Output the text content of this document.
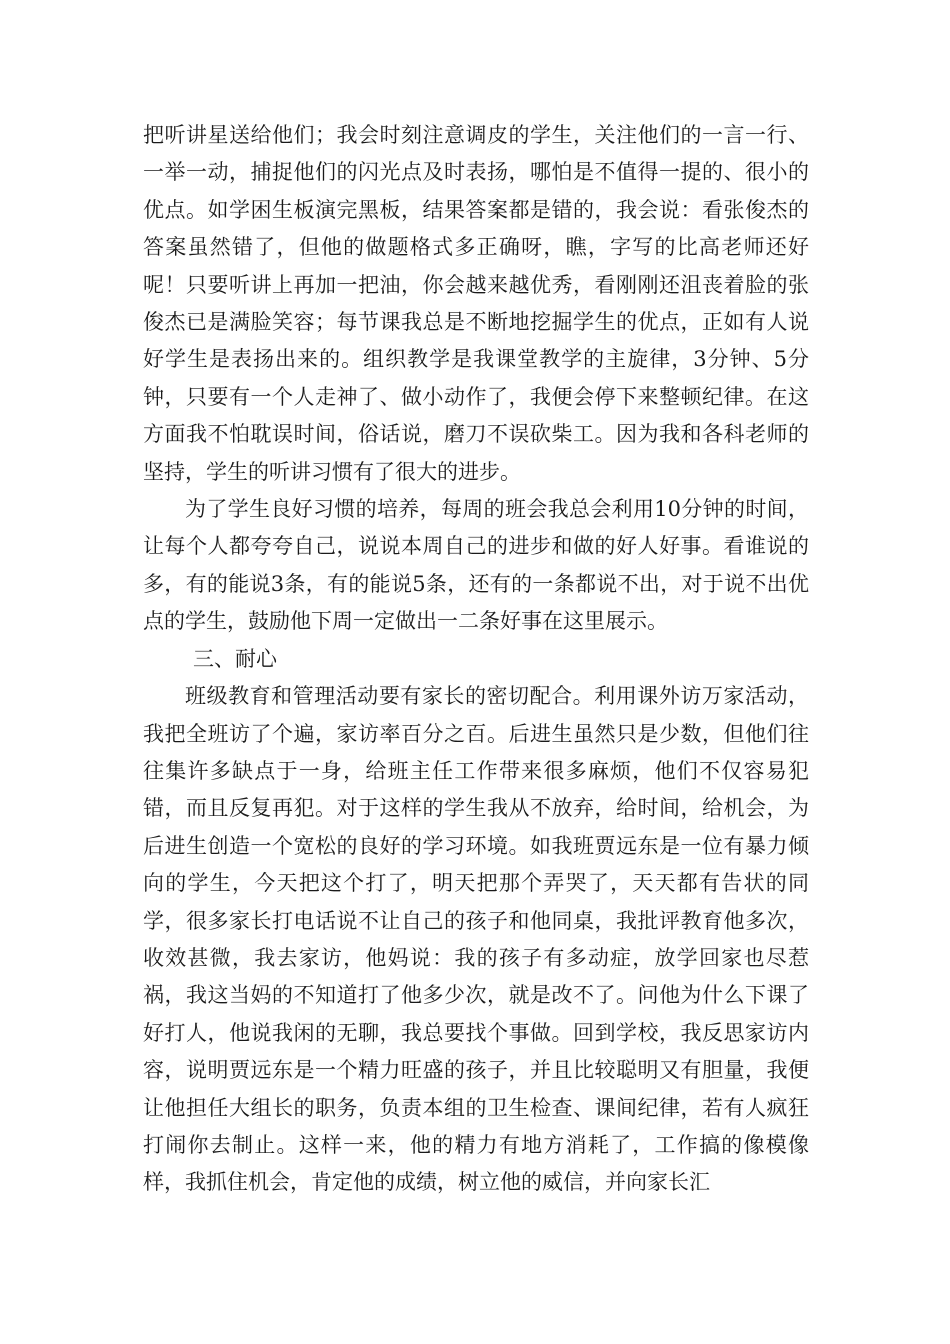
把听讲星送给他们；我会时刻注意调皮的学生，关注他们的一言一行、一举一动，捕捉他们的闪光点及时表扬，哪怕是不值得一提的、很小的优点。如学困生板演完黑板，结果答案都是错的，我会说：看张俊杰的答案虽然错了，但他的做题格式多正确呀，瞧，字写的比高老师还好呢！只要听讲上再加一把油，你会越来越优秀，看刚刚还沮丧着脸的张俊杰已是满脸笑容；每节课我总是不断地挖掘学生的优点，正如有人说好学生是表扬出来的。组织教学是我课堂教学的主旋律，3分钟、5分钟，只要有一个人走神了、做小动作了，我便会停下来整顿纪律。在这方面我不怕耽误时间，俗话说，磨刀不误砍柴工。因为我和各科老师的坚持，学生的听讲习惯有了很大的进步。

为了学生良好习惯的培养，每周的班会我总会利用10分钟的时间，让每个人都夸夸自己，说说本周自己的进步和做的好人好事。看谁说的多，有的能说3条，有的能说5条，还有的一条都说不出，对于说不出优点的学生，鼓励他下周一定做出一二条好事在这里展示。

三、耐心

班级教育和管理活动要有家长的密切配合。利用课外访万家活动，我把全班访了个遍，家访率百分之百。后进生虽然只是少数，但他们往往集许多缺点于一身，给班主任工作带来很多麻烦，他们不仅容易犯错，而且反复再犯。对于这样的学生我从不放弃，给时间，给机会，为后进生创造一个宽松的良好的学习环境。如我班贾远东是一位有暴力倾向的学生，今天把这个打了，明天把那个弄哭了，天天都有告状的同学，很多家长打电话说不让自己的孩子和他同桌，我批评教育他多次，收效甚微，我去家访，他妈说：我的孩子有多动症，放学回家也尽惹祸，我这当妈的不知道打了他多少次，就是改不了。问他为什么下课了好打人，他说我闲的无聊，我总要找个事做。回到学校，我反思家访内容，说明贾远东是一个精力旺盛的孩子，并且比较聪明又有胆量，我便让他担任大组长的职务，负责本组的卫生检查、课间纪律，若有人疯狂打闹你去制止。这样一来，他的精力有地方消耗了，工作搞的像模像样，我抓住机会，肯定他的成绩，树立他的威信，并向家长汇
